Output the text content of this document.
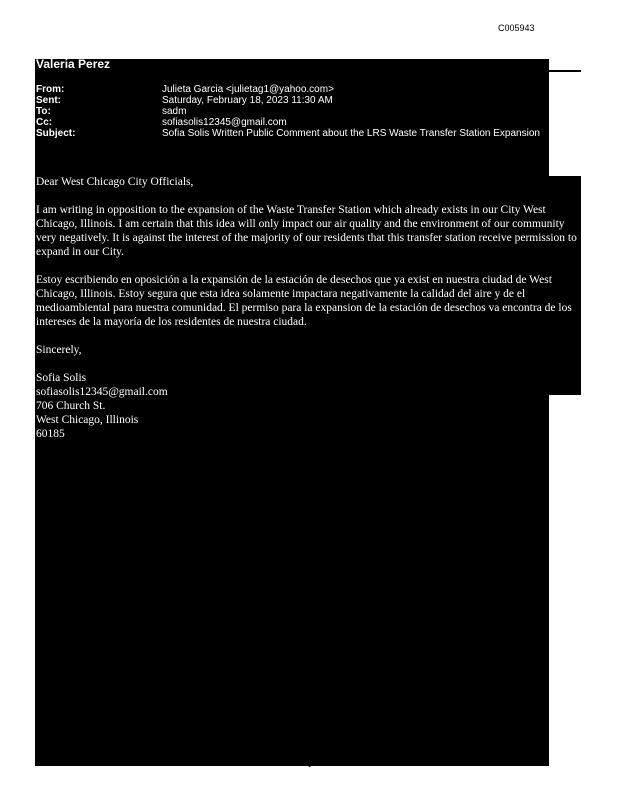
C005943
Valeria Perez
From:	Julieta Garcia <julietag1@yahoo.com>
Sent:	Saturday, February 18, 2023 11:30 AM
To:	sadm
Cc:	sofiasolis12345@gmail.com
Subject:	Sofia Solis Written Public Comment about the LRS Waste Transfer Station Expansion

Dear West Chicago City Officials,

I am writing in opposition to the expansion of the Waste Transfer Station which already exists in our City West Chicago, Illinois. I am certain that this idea will only impact our air quality and the environment of our community very negatively. It is against the interest of the majority of our residents that this transfer station receive permission to expand in our City.

Estoy escribiendo en oposición a la expansión de la estación de desechos que ya exist en nuestra ciudad de West Chicago, Illinois. Estoy segura que esta idea solamente impactara negativamente la calidad del aire y de el medioambiental para nuestra comunidad. El permiso para la expansion de la estación de desechos va encontra de los intereses de la mayoría de los residentes de nuestra ciudad.

Sincerely,

Sofia Solis
sofiasolis12345@gmail.com
706 Church St.
West Chicago, Illinois
60185
1
